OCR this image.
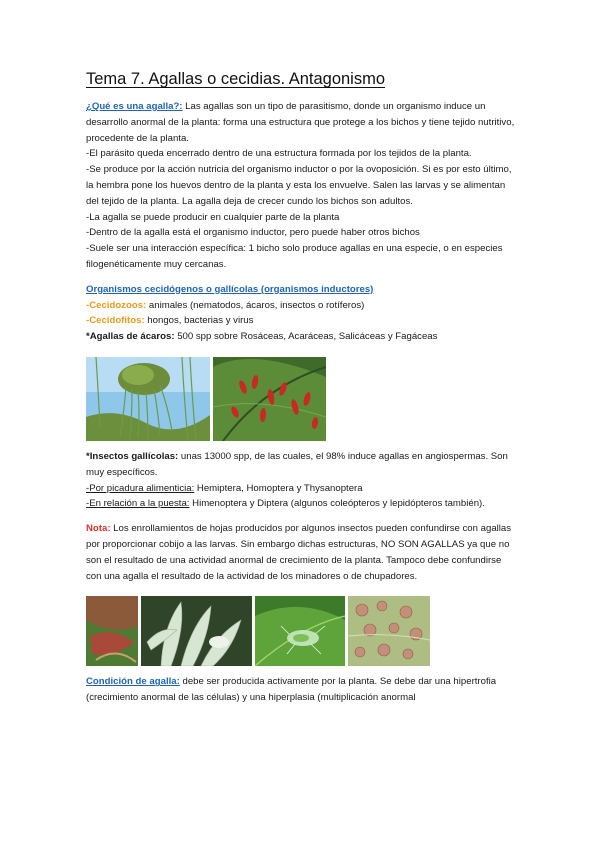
Tema 7. Agallas o cecidias. Antagonismo

¿Qué es una agalla?: Las agallas son un tipo de parasitismo, donde un organismo induce un desarrollo anormal de la planta: forma una estructura que protege a los bichos y tiene tejido nutritivo, procedente de la planta.

-El parásito queda encerrado dentro de una estructura formada por los tejidos de la planta.

-Se produce por la acción nutricia del organismo inductor o por la ovoposición. Si es por esto último, la hembra pone los huevos dentro de la planta y esta los envuelve. Salen las larvas y se alimentan del tejido de la planta. La agalla deja de crecer cundo los bichos son adultos.

-La agalla se puede producir en cualquier parte de la planta

-Dentro de la agalla está el organismo inductor, pero puede haber otros bichos

-Suele ser una interacción específica: 1 bicho solo produce agallas en una especie, o en especies filogenéticamente muy cercanas.

Organismos cecidógenos o gallícolas (organismos inductores)

-Cecidozoos: animales (nematodos, ácaros, insectos o rotíferos)

-Cecidofitos: hongos, bacterias y virus

*Agallas de ácaros: 500 spp sobre Rosáceas, Acaráceas, Salicáceas y Fagáceas

*Insectos gallícolas: unas 13000 spp, de las cuales, el 98% induce agallas en angiospermas. Son muy específicos.

-Por picadura alimenticia: Hemiptera, Homoptera y Thysanoptera

-En relación a la puesta: Himenoptera y Diptera (algunos coleópteros y lepidópteros también).

Nota: Los enrollamientos de hojas producidos por algunos insectos pueden confundirse con agallas por proporcionar cobijo a las larvas. Sin embargo dichas estructuras, NO SON AGALLAS ya que no son el resultado de una actividad anormal de crecimiento de la planta. Tampoco debe confundirse con una agalla el resultado de la actividad de los minadores o de chupadores.

Condición de agalla: debe ser producida activamente por la planta. Se debe dar una hipertrofia (crecimiento anormal de las células) y una hiperplasia (multiplicación anormal
